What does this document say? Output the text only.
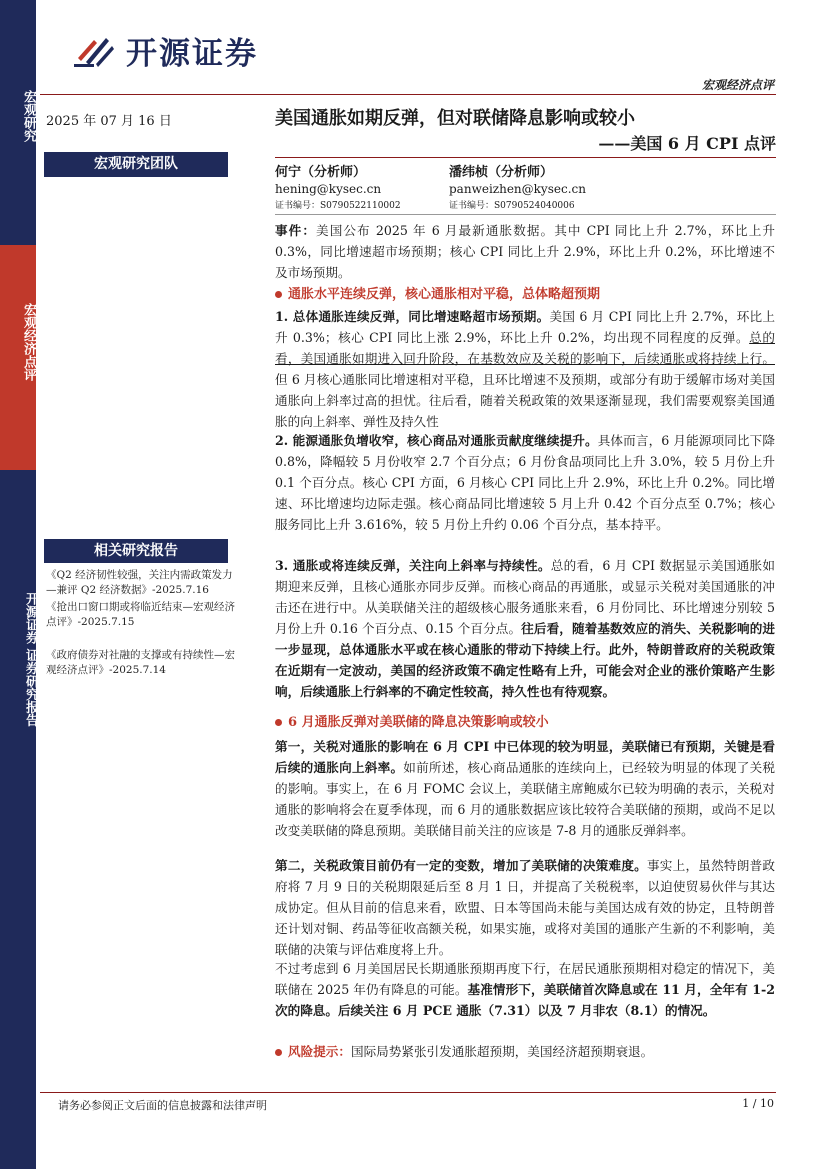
宏观研究
宏观经济点评
开源证券 证券研究报告
开源证券
宏观经济点评
2025 年 07 月 16 日
宏观研究团队
相关研究报告
《Q2 经济韧性较强，关注内需政策发力—兼评 Q2 经济数据》-2025.7.16
《抢出口窗口期或将临近结束—宏观经济点评》-2025.7.15
《政府债券对社融的支撑或有持续性—宏观经济点评》-2025.7.14
美国通胀如期反弹，但对联储降息影响或较小
——美国 6 月 CPI 点评
何宁（分析师）
hening@kysec.cn
证书编号：S0790522110002
潘纬桢（分析师）
panweizhen@kysec.cn
证书编号：S0790524040006
事件：美国公布 2025 年 6 月最新通胀数据。其中 CPI 同比上升 2.7%，环比上升 0.3%，同比增速超市场预期；核心 CPI 同比上升 2.9%，环比上升 0.2%，环比增速不及市场预期。
通胀水平连续反弹，核心通胀相对平稳，总体略超预期
1. 总体通胀连续反弹，同比增速略超市场预期。美国 6 月 CPI 同比上升 2.7%，环比上升 0.3%；核心 CPI 同比上涨 2.9%，环比上升 0.2%，均出现不同程度的反弹。总的看，美国通胀如期进入回升阶段，在基数效应及关税的影响下，后续通胀或将持续上行。但 6 月核心通胀同比增速相对平稳，且环比增速不及预期，或部分有助于缓解市场对美国通胀向上斜率过高的担忧。往后看，随着关税政策的效果逐渐显现，我们需要观察美国通胀的向上斜率、弹性及持久性
2. 能源通胀负增收窄，核心商品对通胀贡献度继续提升。具体而言，6 月能源项同比下降 0.8%，降幅较 5 月份收窄 2.7 个百分点；6 月份食品项同比上升 3.0%，较 5 月份上升 0.1 个百分点。核心 CPI 方面，6 月核心 CPI 同比上升 2.9%，环比上升 0.2%。同比增速、环比增速均边际走强。核心商品同比增速较 5 月上升 0.42 个百分点至 0.7%；核心服务同比上升 3.616%，较 5 月份上升约 0.06 个百分点，基本持平。
3. 通胀或将连续反弹，关注向上斜率与持续性。总的看，6 月 CPI 数据显示美国通胀如期迎来反弹，且核心通胀亦同步反弹。而核心商品的再通胀，或显示关税对美国通胀的冲击还在进行中。从美联储关注的超级核心服务通胀来看，6 月份同比、环比增速分别较 5 月份上升 0.16 个百分点、0.15 个百分点。往后看，随着基数效应的消失、关税影响的进一步显现，总体通胀水平或在核心通胀的带动下持续上行。此外，特朗普政府的关税政策在近期有一定波动，美国的经济政策不确定性略有上升，可能会对企业的涨价策略产生影响，后续通胀上行斜率的不确定性较高，持久性也有待观察。
6 月通胀反弹对美联储的降息决策影响或较小
第一，关税对通胀的影响在 6 月 CPI 中已体现的较为明显，美联储已有预期，关键是看后续的通胀向上斜率。如前所述，核心商品通胀的连续向上，已经较为明显的体现了关税的影响。事实上，在 6 月 FOMC 会议上，美联储主席鲍威尔已较为明确的表示，关税对通胀的影响将会在夏季体现，而 6 月的通胀数据应该比较符合美联储的预期，或尚不足以改变美联储的降息预期。美联储目前关注的应该是 7-8 月的通胀反弹斜率。
第二，关税政策目前仍有一定的变数，增加了美联储的决策难度。事实上，虽然特朗普政府将 7 月 9 日的关税期限延后至 8 月 1 日，并提高了关税税率，以迫使贸易伙伴与其达成协定。但从目前的信息来看，欧盟、日本等国尚未能与美国达成有效的协定，且特朗普还计划对铜、药品等征收高额关税，如果实施，或将对美国的通胀产生新的不利影响，美联储的决策与评估难度将上升。
不过考虑到 6 月美国居民长期通胀预期再度下行，在居民通胀预期相对稳定的情况下，美联储在 2025 年仍有降息的可能。基准情形下，美联储首次降息或在 11 月，全年有 1-2 次的降息。后续关注 6 月 PCE 通胀（7.31）以及 7 月非农（8.1）的情况。
风险提示：国际局势紧张引发通胀超预期，美国经济超预期衰退。
请务必参阅正文后面的信息披露和法律声明	1 / 10
